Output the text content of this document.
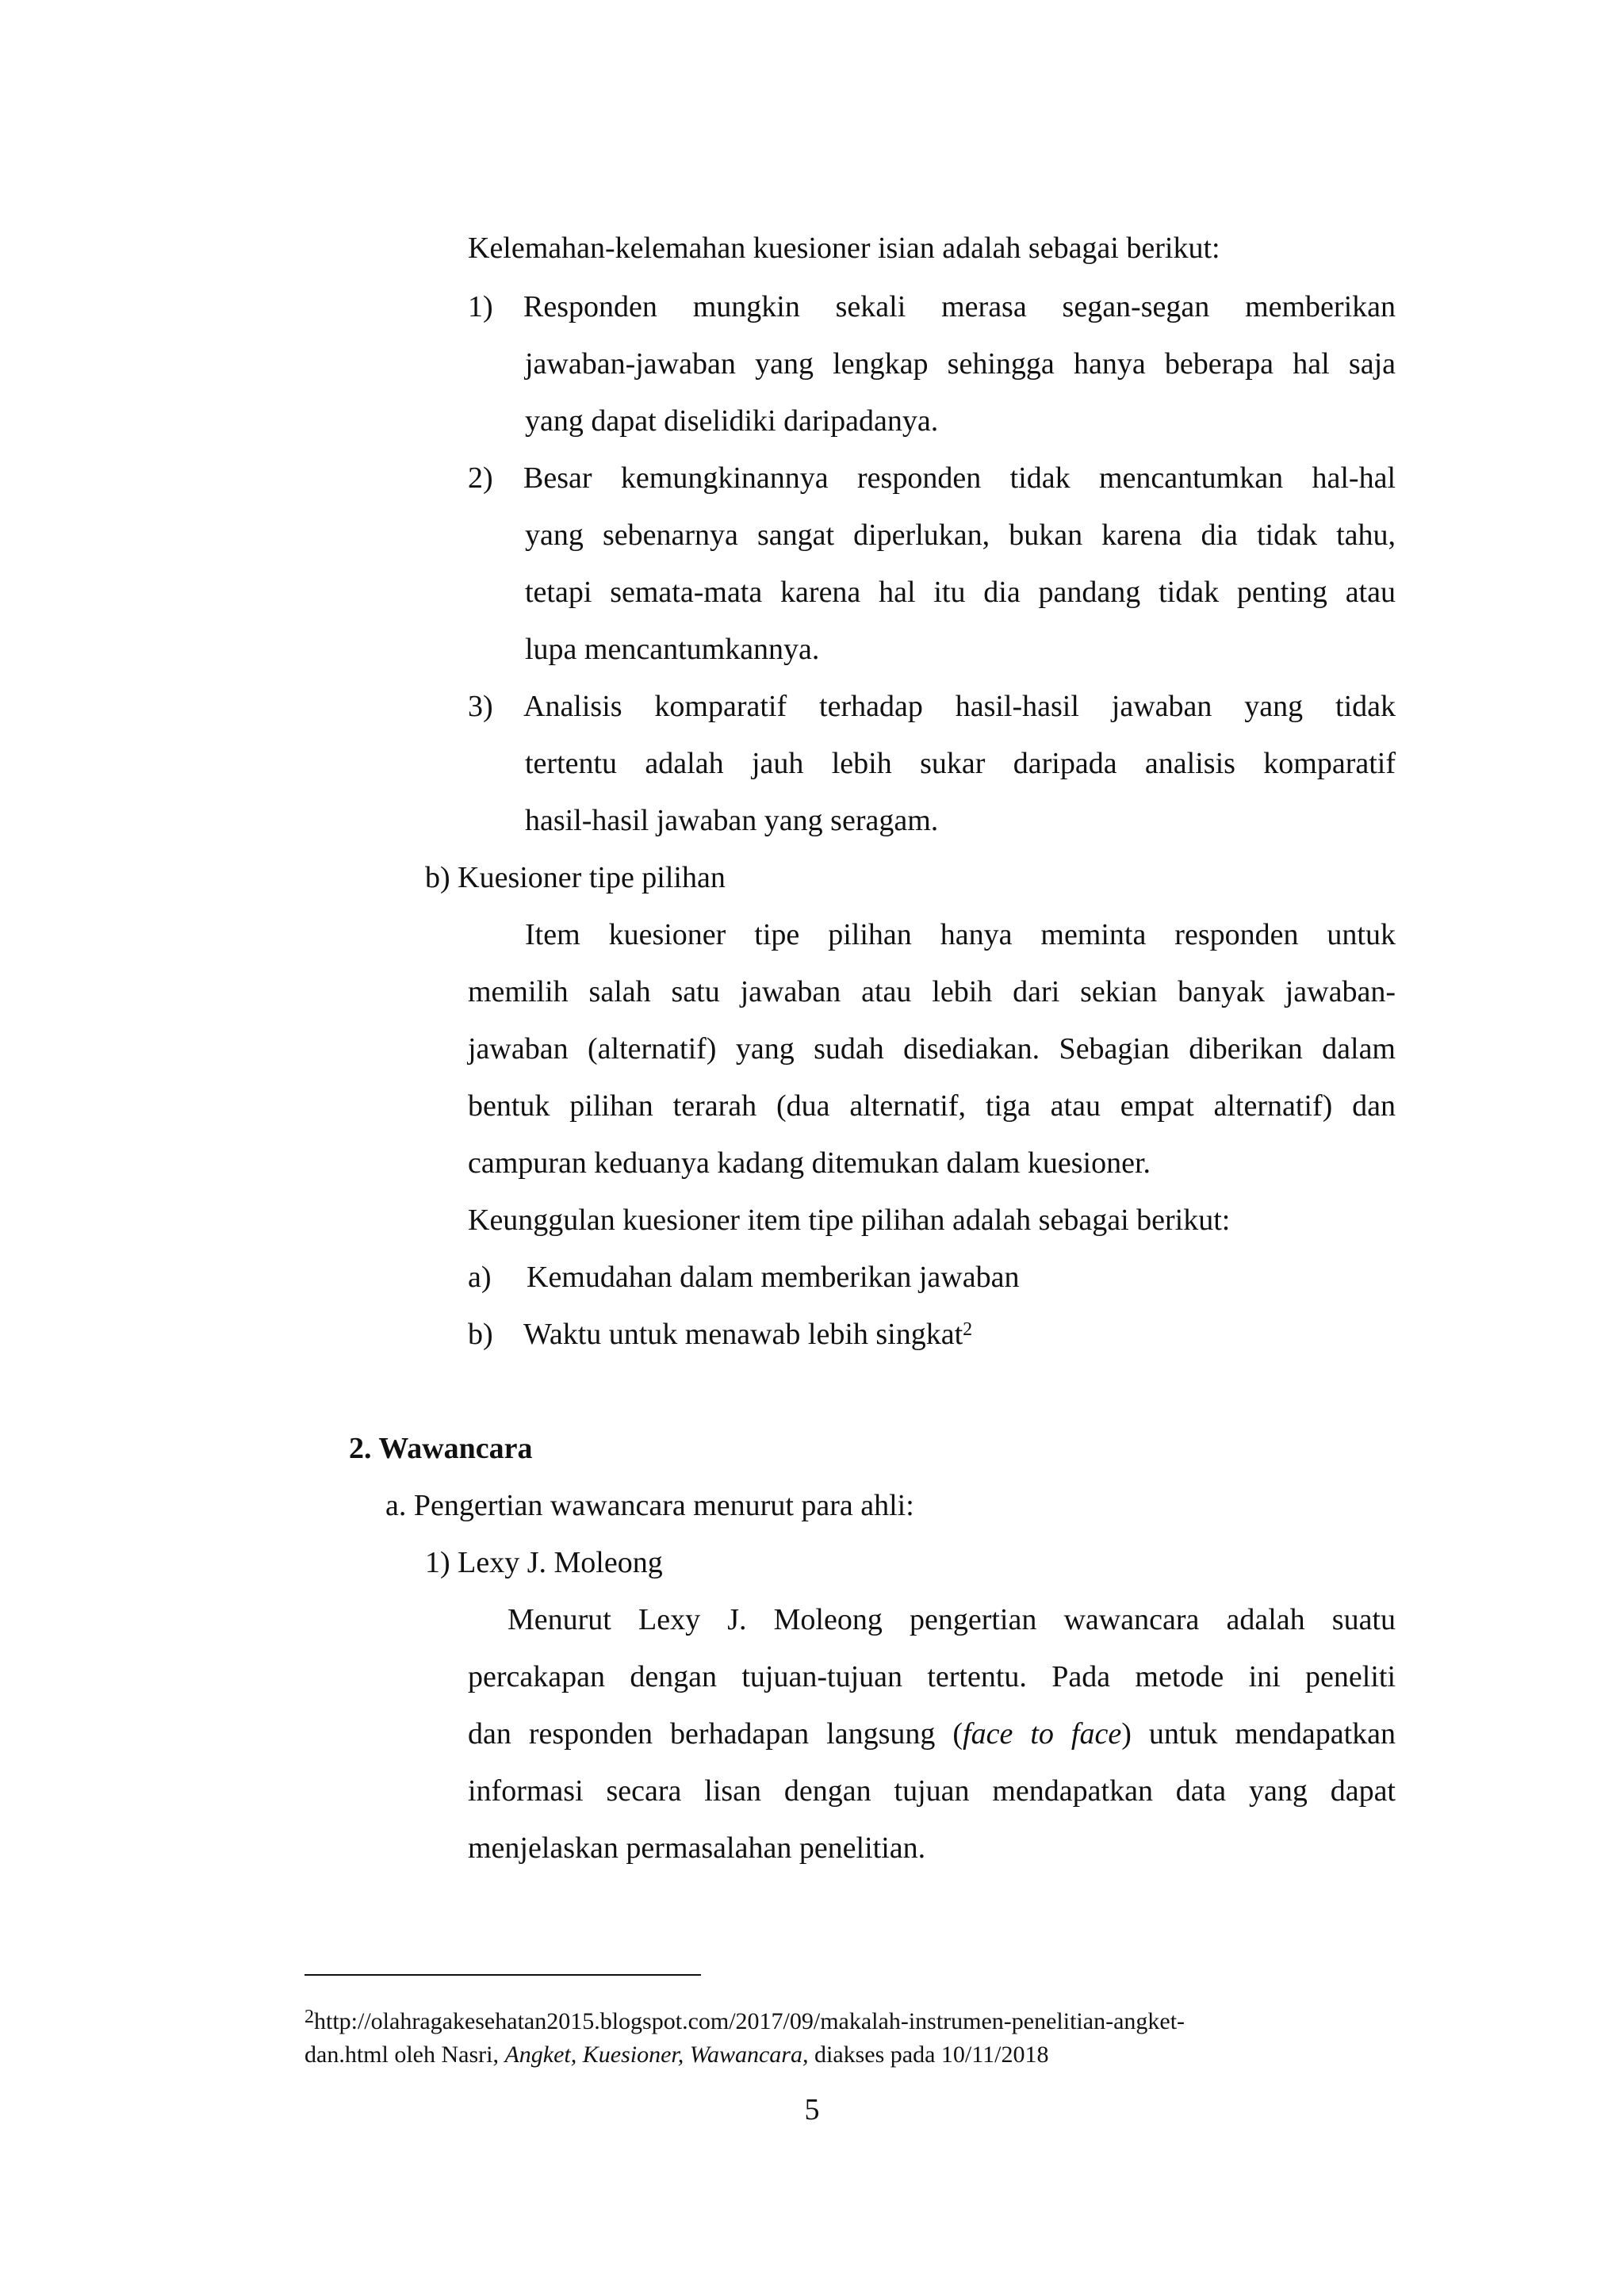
Kelemahan-kelemahan kuesioner isian adalah sebagai berikut:
1) Responden mungkin sekali merasa segan-segan memberikan
jawaban-jawaban yang lengkap sehingga hanya beberapa hal saja
yang dapat diselidiki daripadanya.
2) Besar kemungkinannya responden tidak mencantumkan hal-hal
yang sebenarnya sangat diperlukan, bukan karena dia tidak tahu,
tetapi semata-mata karena hal itu dia pandang tidak penting atau
lupa mencantumkannya.
3) Analisis komparatif terhadap hasil-hasil jawaban yang tidak
tertentu adalah jauh lebih sukar daripada analisis komparatif
hasil-hasil jawaban yang seragam.
b) Kuesioner tipe pilihan
Item kuesioner tipe pilihan hanya meminta responden untuk
memilih salah satu jawaban atau lebih dari sekian banyak jawaban-
jawaban (alternatif) yang sudah disediakan. Sebagian diberikan dalam
bentuk pilihan terarah (dua alternatif, tiga atau empat alternatif) dan
campuran keduanya kadang ditemukan dalam kuesioner.
Keunggulan kuesioner item tipe pilihan adalah sebagai berikut:
a) Kemudahan dalam memberikan jawaban
b) Waktu untuk menawab lebih singkat$^2$
2. Wawancara
a. Pengertian wawancara menurut para ahli:
1) Lexy J. Moleong
Menurut Lexy J. Moleong pengertian wawancara adalah suatu
percakapan dengan tujuan-tujuan tertentu. Pada metode ini peneliti
dan responden berhadapan langsung (face to face) untuk mendapatkan
informasi secara lisan dengan tujuan mendapatkan data yang dapat
menjelaskan permasalahan penelitian.
$^2$http://olahragakesehatan2015.blogspot.com/2017/09/makalah-instrumen-penelitian-angket-
dan.html oleh Nasri, Angket, Kuesioner, Wawancara, diakses pada 10/11/2018
5
